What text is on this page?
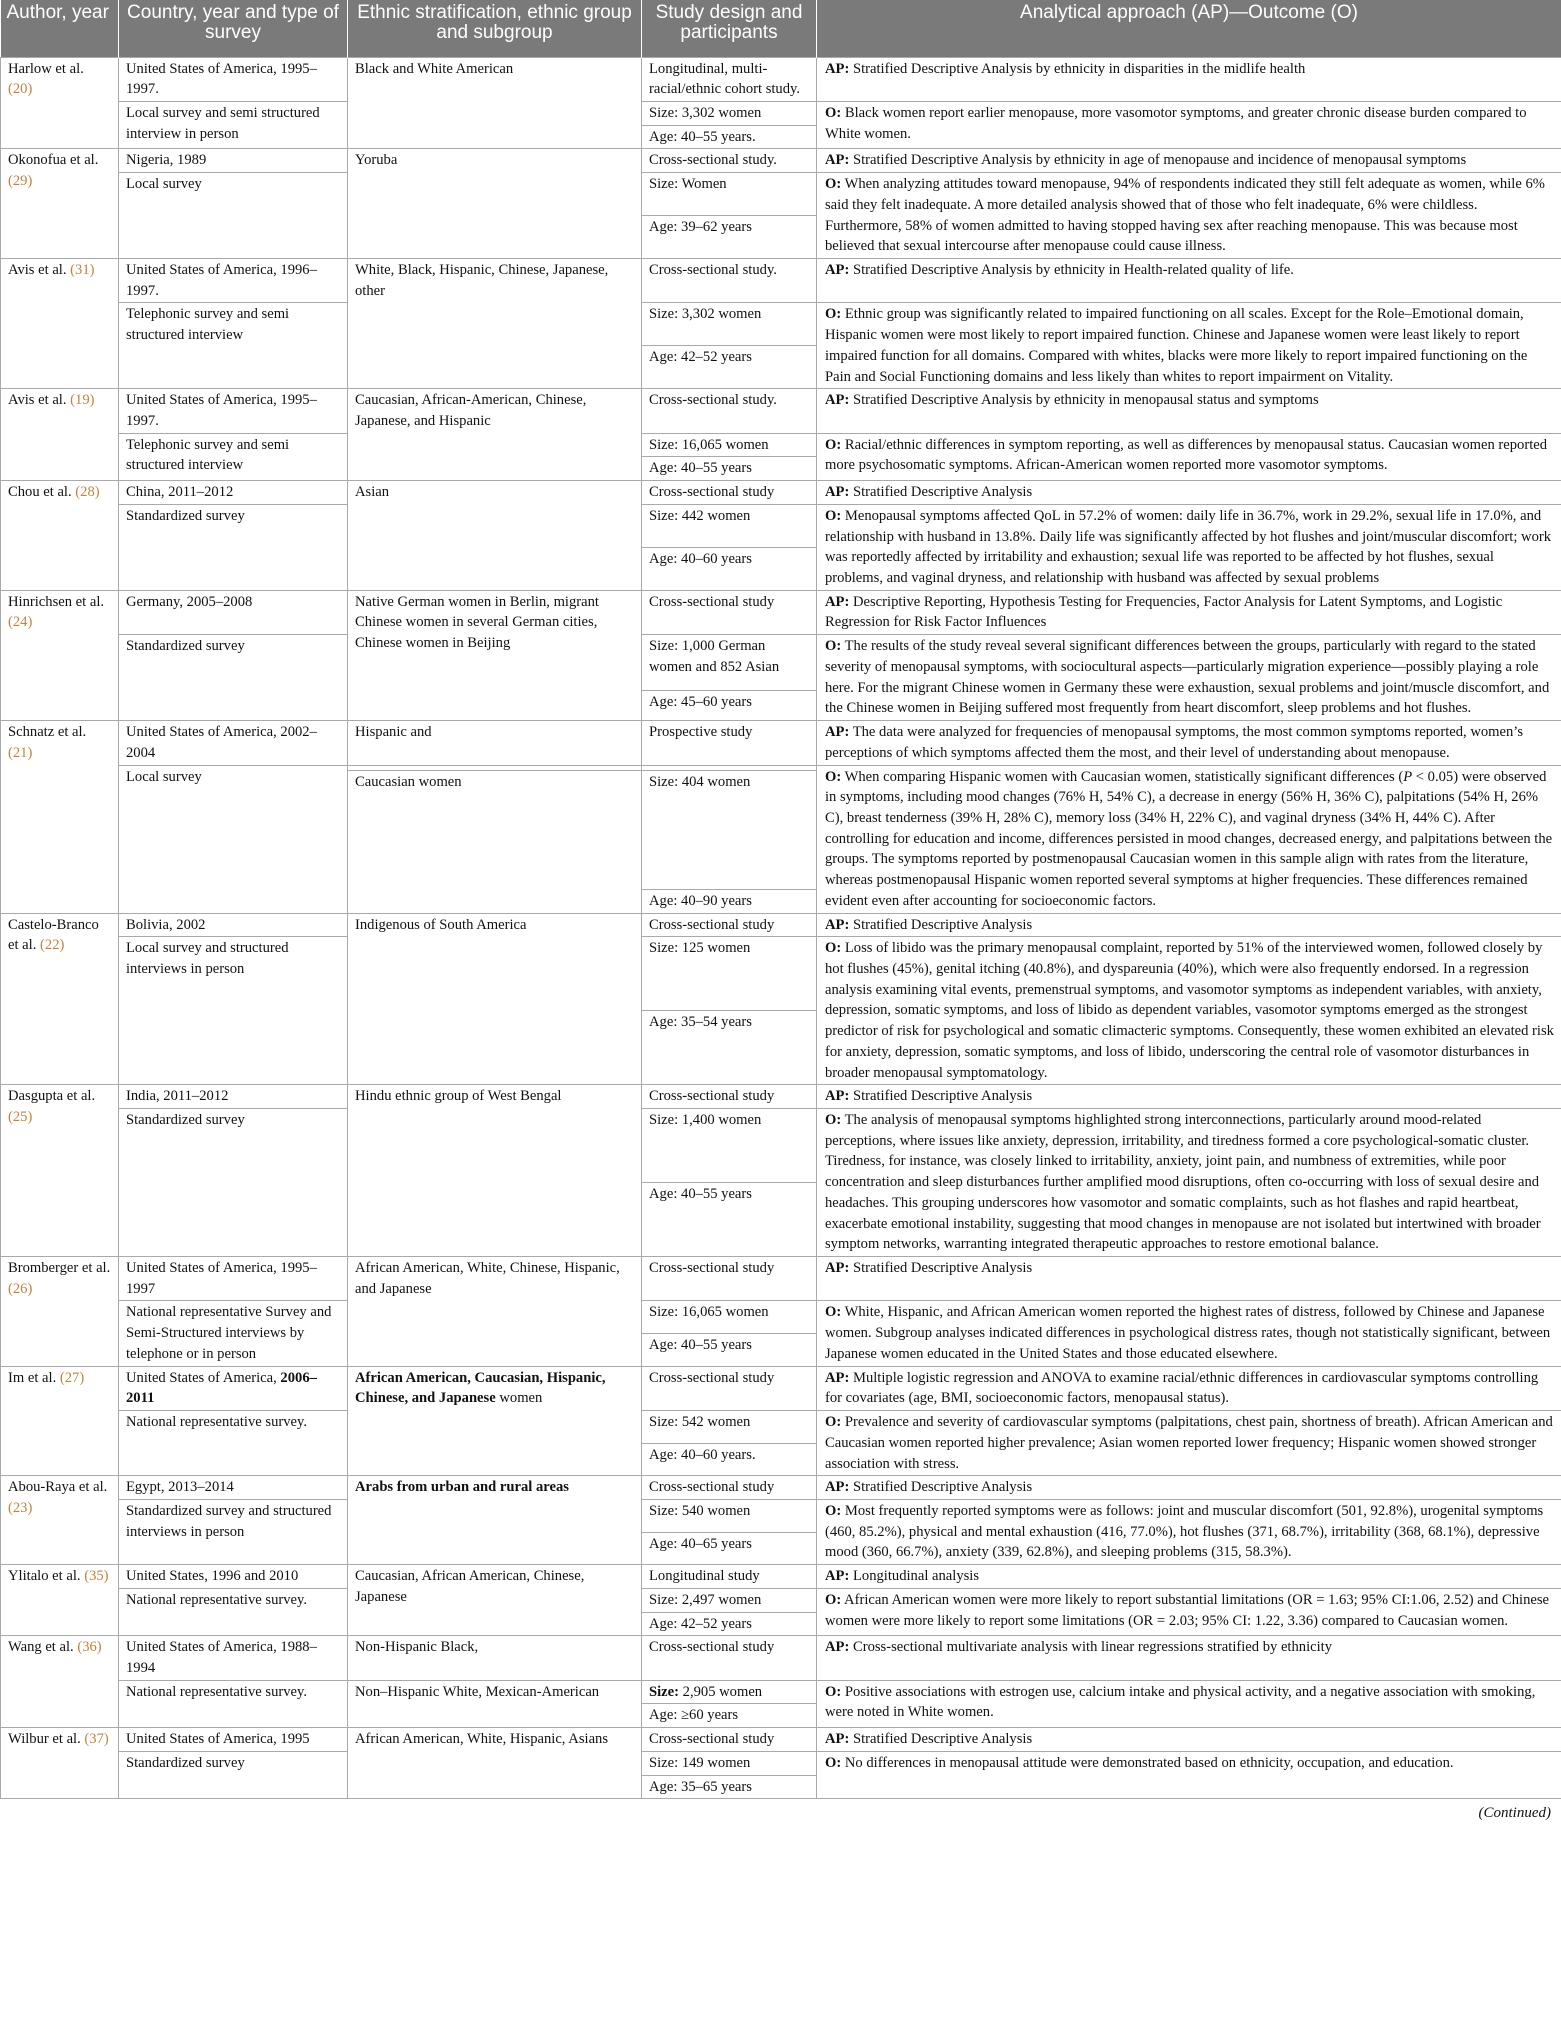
Author, year	Country, year and type of survey	Ethnic stratification, ethnic group and subgroup	Study design and participants	Analytical approach (AP)—Outcome (O)
Harlow et al. (20)	United States of America, 1995–1997.	Black and White American	Longitudinal, multi-racial/ethnic cohort study.	AP: Stratified Descriptive Analysis by ethnicity in disparities in the midlife health
	Local survey and semi structured interview in person		Size: 3,302 women	O: Black women report earlier menopause, more vasomotor symptoms, and greater chronic disease burden compared to White women.
			Age: 40–55 years.	
Okonofua et al. (29)	Nigeria, 1989	Yoruba	Cross-sectional study.	AP: Stratified Descriptive Analysis by ethnicity in age of menopause and incidence of menopausal symptoms
	Local survey		Size: Women	O: When analyzing attitudes toward menopause, 94% of respondents indicated they still felt adequate as women, while 6% said they felt inadequate. A more detailed analysis showed that of those who felt inadequate, 6% were childless. Furthermore, 58% of women admitted to having stopped having sex after reaching menopause. This was because most believed that sexual intercourse after menopause could cause illness.
			Age: 39–62 years	
Avis et al. (31)	United States of America, 1996–1997.	White, Black, Hispanic, Chinese, Japanese, other	Cross-sectional study.	AP: Stratified Descriptive Analysis by ethnicity in Health-related quality of life.
	Telephonic survey and semi structured interview		Size: 3,302 women	O: Ethnic group was significantly related to impaired functioning on all scales. Except for the Role–Emotional domain, Hispanic women were most likely to report impaired function. Chinese and Japanese women were least likely to report impaired function for all domains. Compared with whites, blacks were more likely to report impaired functioning on the Pain and Social Functioning domains and less likely than whites to report impairment on Vitality.
			Age: 42–52 years	
Avis et al. (19)	United States of America, 1995–1997.	Caucasian, African-American, Chinese, Japanese, and Hispanic	Cross-sectional study.	AP: Stratified Descriptive Analysis by ethnicity in menopausal status and symptoms
	Telephonic survey and semi structured interview		Size: 16,065 women	O: Racial/ethnic differences in symptom reporting, as well as differences by menopausal status. Caucasian women reported more psychosomatic symptoms. African-American women reported more vasomotor symptoms.
			Age: 40–55 years	
Chou et al. (28)	China, 2011–2012	Asian	Cross-sectional study	AP: Stratified Descriptive Analysis
	Standardized survey		Size: 442 women	O: Menopausal symptoms affected QoL in 57.2% of women: daily life in 36.7%, work in 29.2%, sexual life in 17.0%, and relationship with husband in 13.8%. Daily life was significantly affected by hot flushes and joint/muscular discomfort; work was reportedly affected by irritability and exhaustion; sexual life was reported to be affected by hot flushes, sexual problems, and vaginal dryness, and relationship with husband was affected by sexual problems
			Age: 40–60 years	
Hinrichsen et al. (24)	Germany, 2005–2008	Native German women in Berlin, migrant Chinese women in several German cities, Chinese women in Beijing	Cross-sectional study	AP: Descriptive Reporting, Hypothesis Testing for Frequencies, Factor Analysis for Latent Symptoms, and Logistic Regression for Risk Factor Influences
	Standardized survey		Size: 1,000 German women and 852 Asian	O: The results of the study reveal several significant differences between the groups, particularly with regard to the stated severity of menopausal symptoms, with sociocultural aspects—particularly migration experience—possibly playing a role here. For the migrant Chinese women in Germany these were exhaustion, sexual problems and joint/muscle discomfort, and the Chinese women in Beijing suffered most frequently from heart discomfort, sleep problems and hot flushes.
			Age: 45–60 years	
Schnatz et al. (21)	United States of America, 2002–2004	Hispanic and	Prospective study	AP: The data were analyzed for frequencies of menopausal symptoms, the most common symptoms reported, women’s perceptions of which symptoms affected them the most, and their level of understanding about menopause.
	Local survey			O: When comparing Hispanic women with Caucasian women, statistically significant differences (P < 0.05) were observed in symptoms, including mood changes (76% H, 54% C), a decrease in energy (56% H, 36% C), palpitations (54% H, 26% C), breast tenderness (39% H, 28% C), memory loss (34% H, 22% C), and vaginal dryness (34% H, 44% C). After controlling for education and income, differences persisted in mood changes, decreased energy, and palpitations between the groups. The symptoms reported by postmenopausal Caucasian women in this sample align with rates from the literature, whereas postmenopausal Hispanic women reported several symptoms at higher frequencies. These differences remained evident even after accounting for socioeconomic factors.
		Caucasian women	Size: 404 women	
			Age: 40–90 years	
Castelo-Branco et al. (22)	Bolivia, 2002	Indigenous of South America	Cross-sectional study	AP: Stratified Descriptive Analysis
	Local survey and structured interviews in person		Size: 125 women	O: Loss of libido was the primary menopausal complaint, reported by 51% of the interviewed women, followed closely by hot flushes (45%), genital itching (40.8%), and dyspareunia (40%), which were also frequently endorsed. In a regression analysis examining vital events, premenstrual symptoms, and vasomotor symptoms as independent variables, with anxiety, depression, somatic symptoms, and loss of libido as dependent variables, vasomotor symptoms emerged as the strongest predictor of risk for psychological and somatic climacteric symptoms. Consequently, these women exhibited an elevated risk for anxiety, depression, somatic symptoms, and loss of libido, underscoring the central role of vasomotor disturbances in broader menopausal symptomatology.
			Age: 35–54 years	
Dasgupta et al. (25)	India, 2011–2012	Hindu ethnic group of West Bengal	Cross-sectional study	AP: Stratified Descriptive Analysis
	Standardized survey		Size: 1,400 women	O: The analysis of menopausal symptoms highlighted strong interconnections, particularly around mood-related perceptions, where issues like anxiety, depression, irritability, and tiredness formed a core psychological-somatic cluster. Tiredness, for instance, was closely linked to irritability, anxiety, joint pain, and numbness of extremities, while poor concentration and sleep disturbances further amplified mood disruptions, often co-occurring with loss of sexual desire and headaches. This grouping underscores how vasomotor and somatic complaints, such as hot flashes and rapid heartbeat, exacerbate emotional instability, suggesting that mood changes in menopause are not isolated but intertwined with broader symptom networks, warranting integrated therapeutic approaches to restore emotional balance.
			Age: 40–55 years	
Bromberger et al. (26)	United States of America, 1995–1997	African American, White, Chinese, Hispanic, and Japanese	Cross-sectional study	AP: Stratified Descriptive Analysis
	National representative Survey and Semi-Structured interviews by telephone or in person		Size: 16,065 women	O: White, Hispanic, and African American women reported the highest rates of distress, followed by Chinese and Japanese women. Subgroup analyses indicated differences in psychological distress rates, though not statistically significant, between Japanese women educated in the United States and those educated elsewhere.
			Age: 40–55 years	
Im et al. (27)	United States of America, 2006–2011	African American, Caucasian, Hispanic, Chinese, and Japanese women	Cross-sectional study	AP: Multiple logistic regression and ANOVA to examine racial/ethnic differences in cardiovascular symptoms controlling for covariates (age, BMI, socioeconomic factors, menopausal status).
	National representative survey.		Size: 542 women	O: Prevalence and severity of cardiovascular symptoms (palpitations, chest pain, shortness of breath). African American and Caucasian women reported higher prevalence; Asian women reported lower frequency; Hispanic women showed stronger association with stress.
			Age: 40–60 years.	
Abou-Raya et al. (23)	Egypt, 2013–2014	Arabs from urban and rural areas	Cross-sectional study	AP: Stratified Descriptive Analysis
	Standardized survey and structured interviews in person		Size: 540 women	O: Most frequently reported symptoms were as follows: joint and muscular discomfort (501, 92.8%), urogenital symptoms (460, 85.2%), physical and mental exhaustion (416, 77.0%), hot flushes (371, 68.7%), irritability (368, 68.1%), depressive mood (360, 66.7%), anxiety (339, 62.8%), and sleeping problems (315, 58.3%).
			Age: 40–65 years	
Ylitalo et al. (35)	United States, 1996 and 2010	Caucasian, African American, Chinese, Japanese	Longitudinal study	AP: Longitudinal analysis
	National representative survey.		Size: 2,497 women	O: African American women were more likely to report substantial limitations (OR = 1.63; 95% CI:1.06, 2.52) and Chinese women were more likely to report some limitations (OR = 2.03; 95% CI: 1.22, 3.36) compared to Caucasian women.
			Age: 42–52 years	
Wang et al. (36)	United States of America, 1988–1994	Non-Hispanic Black,	Cross-sectional study	AP: Cross-sectional multivariate analysis with linear regressions stratified by ethnicity
	National representative survey.	Non–Hispanic White, Mexican-American	Size: 2,905 women	O: Positive associations with estrogen use, calcium intake and physical activity, and a negative association with smoking, were noted in White women.
			Age: ≥60 years	
Wilbur et al. (37)	United States of America, 1995	African American, White, Hispanic, Asians	Cross-sectional study	AP: Stratified Descriptive Analysis
	Standardized survey		Size: 149 women	O: No differences in menopausal attitude were demonstrated based on ethnicity, occupation, and education.
			Age: 35–65 years	
(Continued)
